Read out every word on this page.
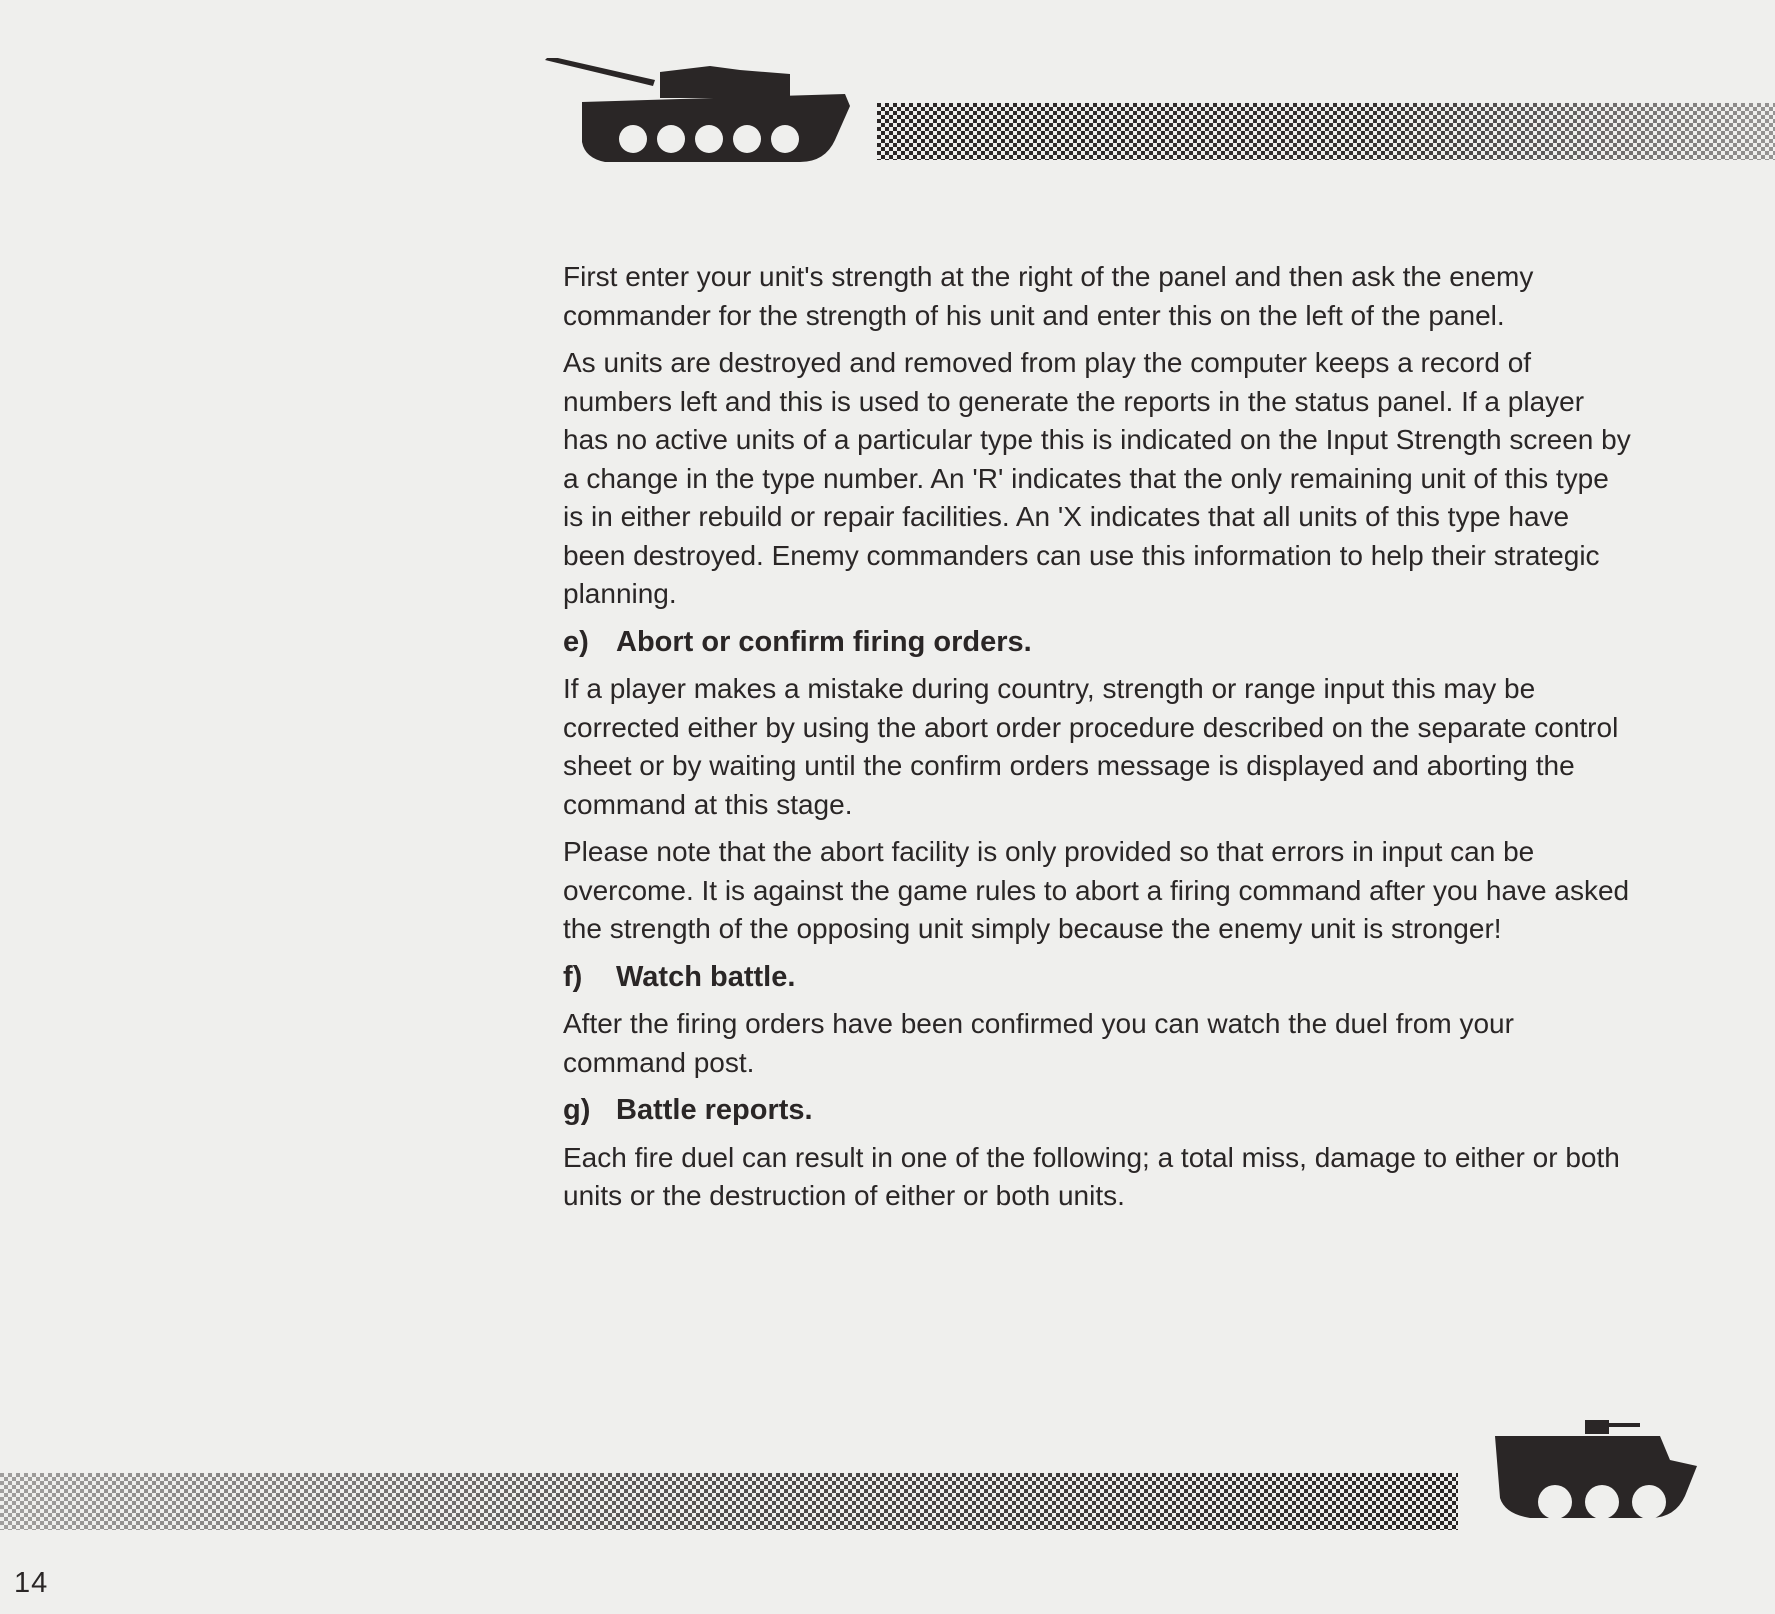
First enter your unit's strength at the right of the panel and then ask the enemy commander for the strength of his unit and enter this on the left of the panel.

As units are destroyed and removed from play the computer keeps a record of numbers left and this is used to generate the reports in the status panel. If a player has no active units of a particular type this is indicated on the Input Strength screen by a change in the type number. An 'R' indicates that the only remaining unit of this type is in either rebuild or repair facilities. An 'X indicates that all units of this type have been destroyed. Enemy commanders can use this information to help their strategic planning.

e) Abort or confirm firing orders.

If a player makes a mistake during country, strength or range input this may be corrected either by using the abort order procedure described on the separate control sheet or by waiting until the confirm orders message is displayed and aborting the command at this stage.

Please note that the abort facility is only provided so that errors in input can be overcome. It is against the game rules to abort a firing command after you have asked the strength of the opposing unit simply because the enemy unit is stronger!

f) Watch battle.

After the firing orders have been confirmed you can watch the duel from your command post.

g) Battle reports.

Each fire duel can result in one of the following; a total miss, damage to either or both units or the destruction of either or both units.

14
